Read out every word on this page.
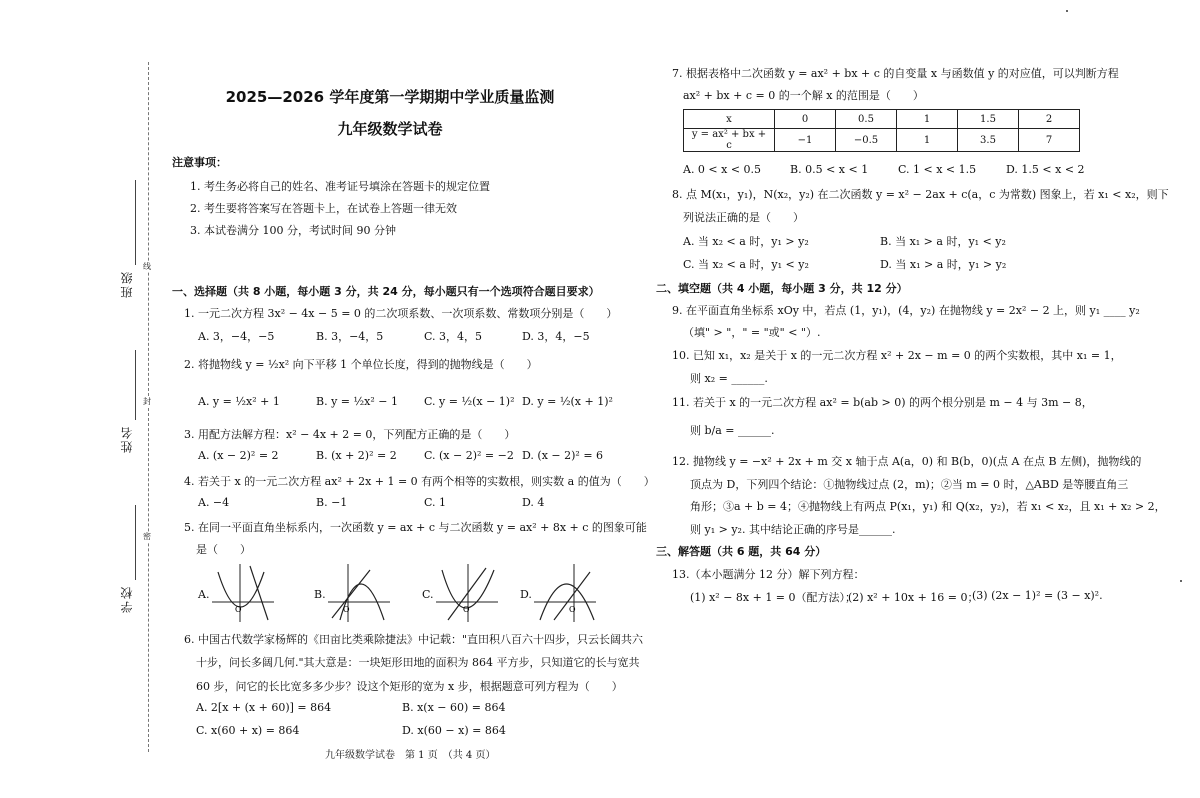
班级
姓名
学校
线
封
密
2025—2026 学年度第一学期期中学业质量监测
九年级数学试卷
注意事项：
1. 考生务必将自己的姓名、准考证号填涂在答题卡的规定位置
2. 考生要将答案写在答题卡上，在试卷上答题一律无效
3. 本试卷满分 100 分，考试时间 90 分钟
一、选择题（共 8 小题，每小题 3 分，共 24 分，每小题只有一个选项符合题目要求）
1. 一元二次方程 3x² − 4x − 5 = 0 的二次项系数、一次项系数、常数项分别是（　　）
A. 3，−4，−5	B. 3，−4，5	C. 3，4，5	D. 3，4，−5
2. 将抛物线 y = ½x² 向下平移 1 个单位长度，得到的抛物线是（　　）
A. y = ½x² + 1	B. y = ½x² − 1 C. y = ½(x − 1)² D. y = ½(x + 1)²
3. 用配方法解方程：x² − 4x + 2 = 0，下列配方正确的是（　　）
A. (x − 2)² = 2	B. (x + 2)² = 2 C. (x − 2)² = −2 D. (x − 2)² = 6
4. 若关于 x 的一元二次方程 ax² + 2x + 1 = 0 有两个相等的实数根，则实数 a 的值为（　　）
A. −4	B. −1	C. 1	D. 4
5. 在同一平面直角坐标系内，一次函数 y = ax + c 与二次函数 y = ax² + 8x + c 的图象可能
是（　　）
A.
O
B.
O
C.
O
D.
O
6. 中国古代数学家杨辉的《田亩比类乘除捷法》中记载："直田积八百六十四步，只云长阔共六
十步，问长多阔几何."其大意是：一块矩形田地的面积为 864 平方步，只知道它的长与宽共
60 步，问它的长比宽多多少步？设这个矩形的宽为 x 步，根据题意可列方程为（　　）
A. 2[x + (x + 60)] = 864	B. x(x − 60) = 864
C. x(60 + x) = 864	D. x(60 − x) = 864
九年级数学试卷　第 1 页　（共 4 页）
7. 根据表格中二次函数 y = ax² + bx + c 的自变量 x 与函数值 y 的对应值，可以判断方程
ax² + bx + c = 0 的一个解 x 的范围是（　　）
x	0	0.5	1	1.5	2
y = ax² + bx + c	−1	−0.5	1	3.5	7
A. 0 < x < 0.5	B. 0.5 < x < 1	C. 1 < x < 1.5	D. 1.5 < x < 2
8. 点 M(x₁，y₁)，N(x₂，y₂) 在二次函数 y = x² − 2ax + c(a，c 为常数) 图象上，若 x₁ < x₂，则下
列说法正确的是（　　）
A. 当 x₂ < a 时，y₁ > y₂	B. 当 x₁ > a 时，y₁ < y₂
C. 当 x₂ < a 时，y₁ < y₂	D. 当 x₁ > a 时，y₁ > y₂
二、填空题（共 4 小题，每小题 3 分，共 12 分）
9. 在平面直角坐标系 xOy 中，若点 (1，y₁)，(4，y₂) 在抛物线 y = 2x² − 2 上，则 y₁ ____ y₂
（填" > "，" = "或" < "）.
10. 已知 x₁，x₂ 是关于 x 的一元二次方程 x² + 2x − m = 0 的两个实数根，其中 x₁ = 1，
则 x₂ = ______.
11. 若关于 x 的一元二次方程 ax² = b(ab > 0) 的两个根分别是 m − 4 与 3m − 8，
则 b/a = ______.
12. 抛物线 y = −x² + 2x + m 交 x 轴于点 A(a，0) 和 B(b，0)(点 A 在点 B 左侧)，抛物线的
顶点为 D，下列四个结论：①抛物线过点 (2，m)；②当 m = 0 时，△ABD 是等腰直角三
角形；③a + b = 4；④抛物线上有两点 P(x₁，y₁) 和 Q(x₂，y₂)，若 x₁ < x₂，且 x₁ + x₂ > 2，
则 y₁ > y₂. 其中结论正确的序号是______.
三、解答题（共 6 题，共 64 分）
13.（本小题满分 12 分）解下列方程：
(1) x² − 8x + 1 = 0（配方法）；
(2) x² + 10x + 16 = 0；
(3) (2x − 1)² = (3 − x)².
